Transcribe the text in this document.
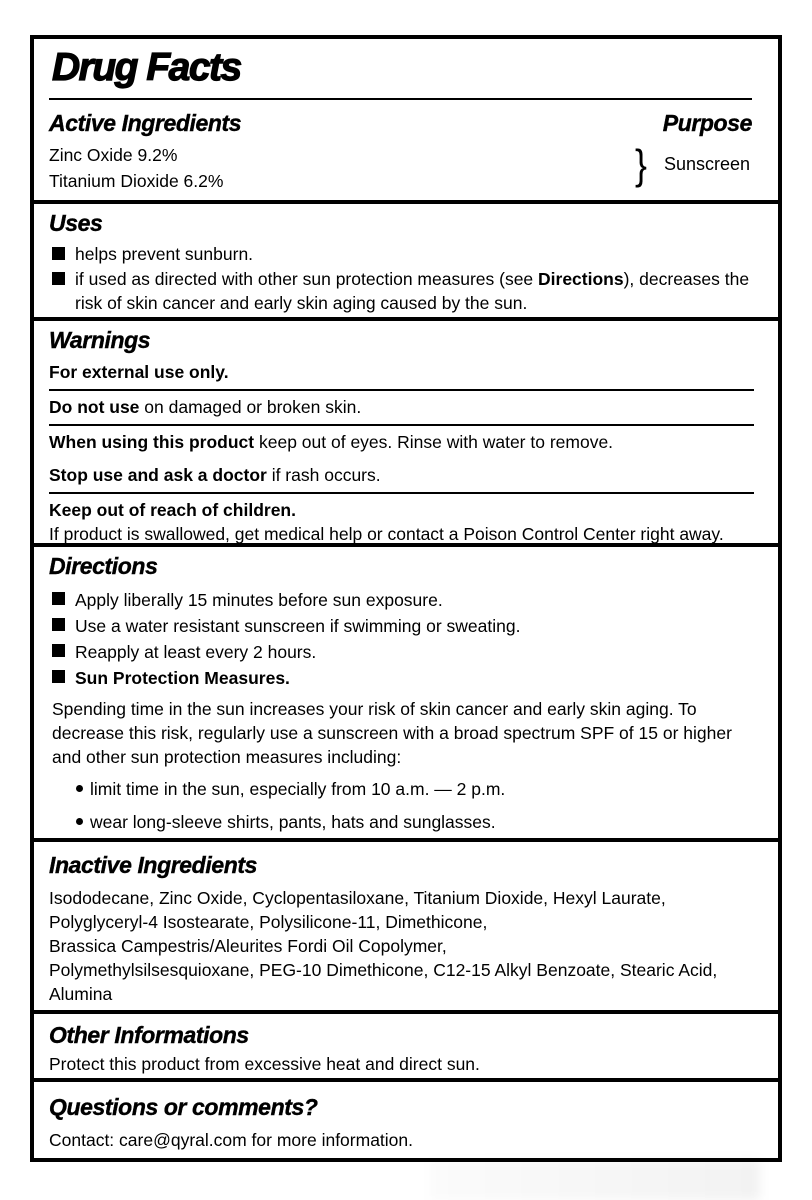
Drug Facts
Active Ingredients
Zinc Oxide 9.2%
Titanium Dioxide 6.2%
Purpose
} Sunscreen
Uses
helps prevent sunburn.
if used as directed with other sun protection measures (see Directions), decreases the risk of skin cancer and early skin aging caused by the sun.
Warnings
For external use only.
Do not use on damaged or broken skin.
When using this product keep out of eyes. Rinse with water to remove.
Stop use and ask a doctor if rash occurs.
Keep out of reach of children.
If product is swallowed, get medical help or contact a Poison Control Center right away.
Directions
Apply liberally 15 minutes before sun exposure.
Use a water resistant sunscreen if swimming or sweating.
Reapply at least every 2 hours.
Sun Protection Measures.
Spending time in the sun increases your risk of skin cancer and early skin aging. To decrease this risk, regularly use a sunscreen with a broad spectrum SPF of 15 or higher and other sun protection measures including:
limit time in the sun, especially from 10 a.m. — 2 p.m.
wear long-sleeve shirts, pants, hats and sunglasses.
Inactive Ingredients
Isododecane, Zinc Oxide, Cyclopentasiloxane, Titanium Dioxide, Hexyl Laurate,
Polyglyceryl-4 Isostearate, Polysilicone-11, Dimethicone,
Brassica Campestris/Aleurites Fordi Oil Copolymer,
Polymethylsilsesquioxane, PEG-10 Dimethicone, C12-15 Alkyl Benzoate, Stearic Acid,
Alumina
Other Informations
Protect this product from excessive heat and direct sun.
Questions or comments?
Contact: care@qyral.com for more information.
